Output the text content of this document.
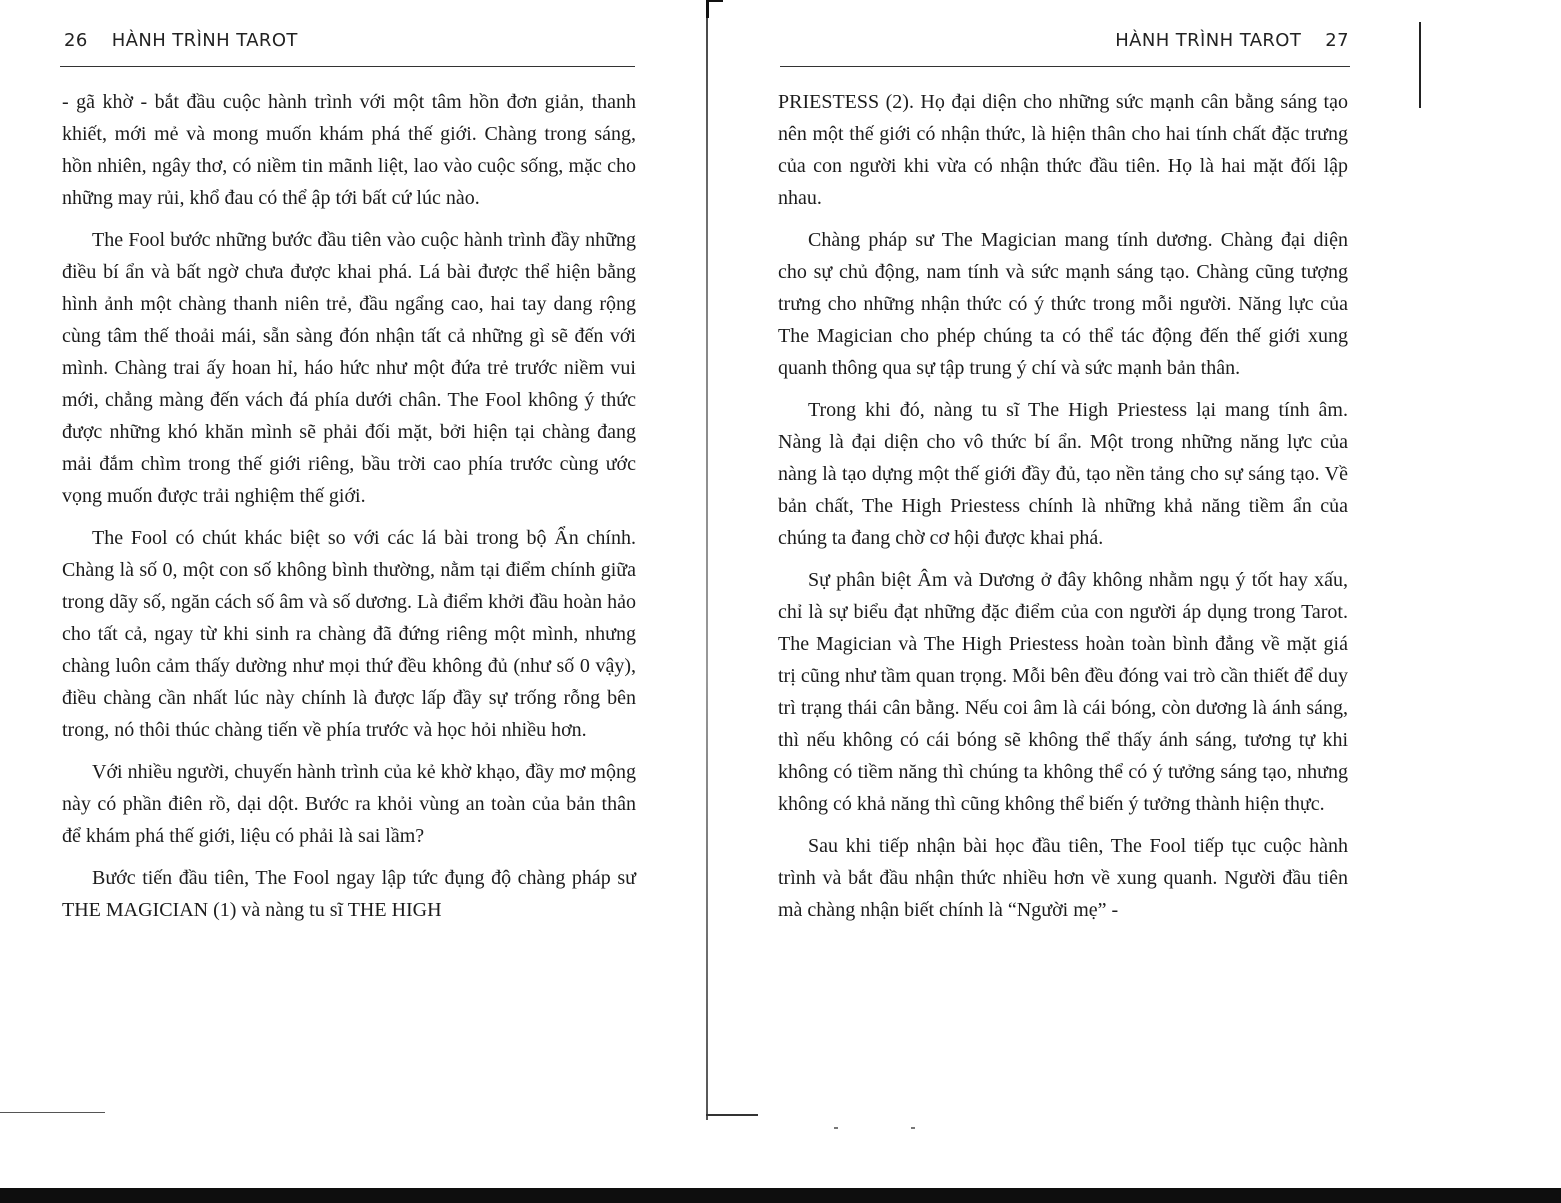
26 HÀNH TRÌNH TAROT

- gã khờ - bắt đầu cuộc hành trình với một tâm hồn đơn giản, thanh khiết, mới mẻ và mong muốn khám phá thế giới. Chàng trong sáng, hồn nhiên, ngây thơ, có niềm tin mãnh liệt, lao vào cuộc sống, mặc cho những may rủi, khổ đau có thể ập tới bất cứ lúc nào.

The Fool bước những bước đầu tiên vào cuộc hành trình đầy những điều bí ẩn và bất ngờ chưa được khai phá. Lá bài được thể hiện bằng hình ảnh một chàng thanh niên trẻ, đầu ngẩng cao, hai tay dang rộng cùng tâm thế thoải mái, sẵn sàng đón nhận tất cả những gì sẽ đến với mình. Chàng trai ấy hoan hỉ, háo hức như một đứa trẻ trước niềm vui mới, chẳng màng đến vách đá phía dưới chân. The Fool không ý thức được những khó khăn mình sẽ phải đối mặt, bởi hiện tại chàng đang mải đắm chìm trong thế giới riêng, bầu trời cao phía trước cùng ước vọng muốn được trải nghiệm thế giới.

The Fool có chút khác biệt so với các lá bài trong bộ Ẩn chính. Chàng là số 0, một con số không bình thường, nằm tại điểm chính giữa trong dãy số, ngăn cách số âm và số dương. Là điểm khởi đầu hoàn hảo cho tất cả, ngay từ khi sinh ra chàng đã đứng riêng một mình, nhưng chàng luôn cảm thấy dường như mọi thứ đều không đủ (như số 0 vậy), điều chàng cần nhất lúc này chính là được lấp đầy sự trống rỗng bên trong, nó thôi thúc chàng tiến về phía trước và học hỏi nhiều hơn.

Với nhiều người, chuyến hành trình của kẻ khờ khạo, đầy mơ mộng này có phần điên rồ, dại dột. Bước ra khỏi vùng an toàn của bản thân để khám phá thế giới, liệu có phải là sai lầm?

Bước tiến đầu tiên, The Fool ngay lập tức đụng độ chàng pháp sư THE MAGICIAN (1) và nàng tu sĩ THE HIGH

HÀNH TRÌNH TAROT 27

PRIESTESS (2). Họ đại diện cho những sức mạnh cân bằng sáng tạo nên một thế giới có nhận thức, là hiện thân cho hai tính chất đặc trưng của con người khi vừa có nhận thức đầu tiên. Họ là hai mặt đối lập nhau.

Chàng pháp sư The Magician mang tính dương. Chàng đại diện cho sự chủ động, nam tính và sức mạnh sáng tạo. Chàng cũng tượng trưng cho những nhận thức có ý thức trong mỗi người. Năng lực của The Magician cho phép chúng ta có thể tác động đến thế giới xung quanh thông qua sự tập trung ý chí và sức mạnh bản thân.

Trong khi đó, nàng tu sĩ The High Priestess lại mang tính âm. Nàng là đại diện cho vô thức bí ẩn. Một trong những năng lực của nàng là tạo dựng một thế giới đầy đủ, tạo nền tảng cho sự sáng tạo. Về bản chất, The High Priestess chính là những khả năng tiềm ẩn của chúng ta đang chờ cơ hội được khai phá.

Sự phân biệt Âm và Dương ở đây không nhằm ngụ ý tốt hay xấu, chỉ là sự biểu đạt những đặc điểm của con người áp dụng trong Tarot. The Magician và The High Priestess hoàn toàn bình đẳng về mặt giá trị cũng như tầm quan trọng. Mỗi bên đều đóng vai trò cần thiết để duy trì trạng thái cân bằng. Nếu coi âm là cái bóng, còn dương là ánh sáng, thì nếu không có cái bóng sẽ không thể thấy ánh sáng, tương tự khi không có tiềm năng thì chúng ta không thể có ý tưởng sáng tạo, nhưng không có khả năng thì cũng không thể biến ý tưởng thành hiện thực.

Sau khi tiếp nhận bài học đầu tiên, The Fool tiếp tục cuộc hành trình và bắt đầu nhận thức nhiều hơn về xung quanh. Người đầu tiên mà chàng nhận biết chính là “Người mẹ” -
